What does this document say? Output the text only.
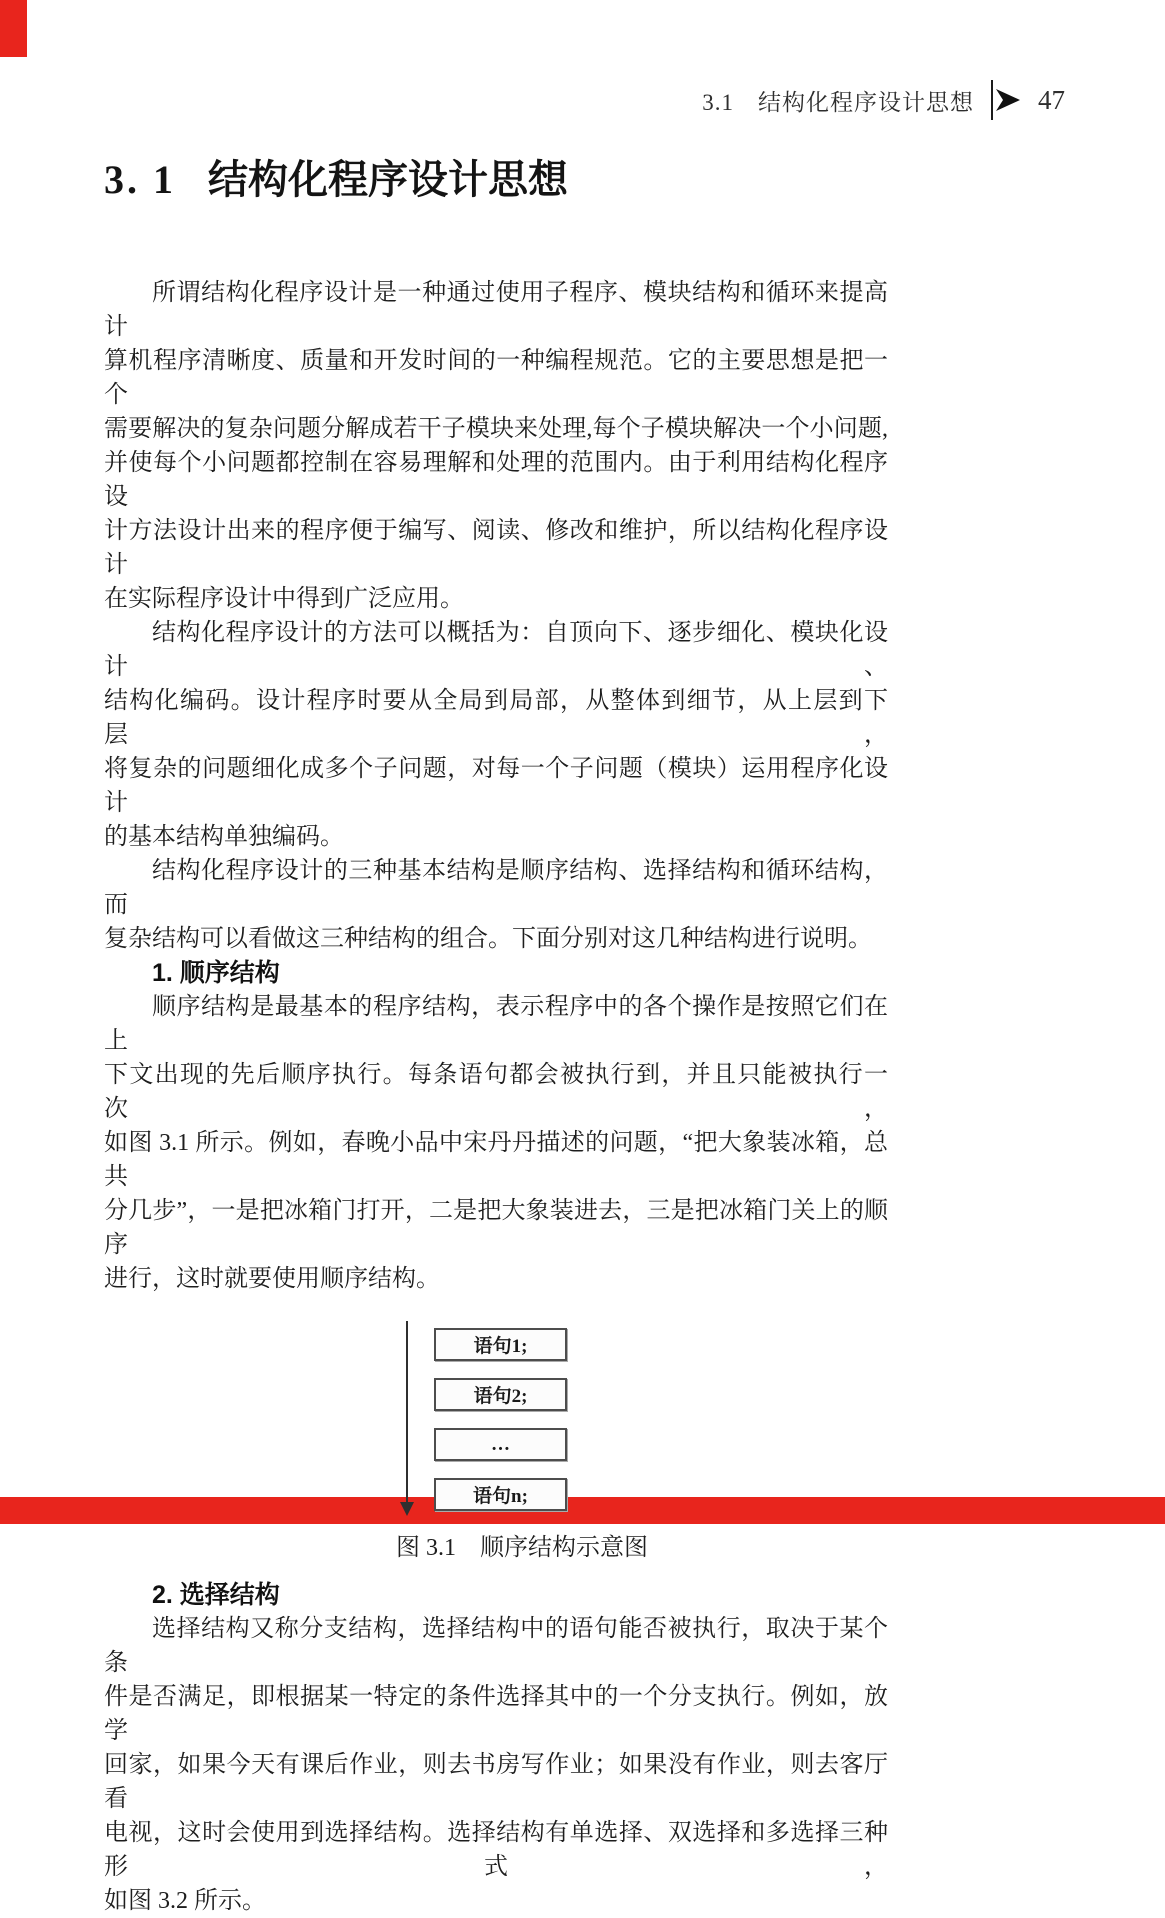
3.1　结构化程序设计思想 47
3. 1 结构化程序设计思想
所谓结构化程序设计是一种通过使用子程序、模块结构和循环来提高计
算机程序清晰度、质量和开发时间的一种编程规范。它的主要思想是把一个
需要解决的复杂问题分解成若干子模块来处理,每个子模块解决一个小问题,
并使每个小问题都控制在容易理解和处理的范围内。由于利用结构化程序设
计方法设计出来的程序便于编写、阅读、修改和维护，所以结构化程序设计
在实际程序设计中得到广泛应用。
结构化程序设计的方法可以概括为：自顶向下、逐步细化、模块化设计、
结构化编码。设计程序时要从全局到局部，从整体到细节，从上层到下层，
将复杂的问题细化成多个子问题，对每一个子问题（模块）运用程序化设计
的基本结构单独编码。
结构化程序设计的三种基本结构是顺序结构、选择结构和循环结构，而
复杂结构可以看做这三种结构的组合。下面分别对这几种结构进行说明。
1. 顺序结构
顺序结构是最基本的程序结构，表示程序中的各个操作是按照它们在上
下文出现的先后顺序执行。每条语句都会被执行到，并且只能被执行一次，
如图 3.1 所示。例如，春晚小品中宋丹丹描述的问题，“把大象装冰箱，总共
分几步”，一是把冰箱门打开，二是把大象装进去，三是把冰箱门关上的顺序
进行，这时就要使用顺序结构。
语句1;
语句2;
…
语句n;
图 3.1　顺序结构示意图
2. 选择结构
选择结构又称分支结构，选择结构中的语句能否被执行，取决于某个条
件是否满足，即根据某一特定的条件选择其中的一个分支执行。例如，放学
回家，如果今天有课后作业，则去书房写作业；如果没有作业，则去客厅看
电视，这时会使用到选择结构。选择结构有单选择、双选择和多选择三种形式，
如图 3.2 所示。
